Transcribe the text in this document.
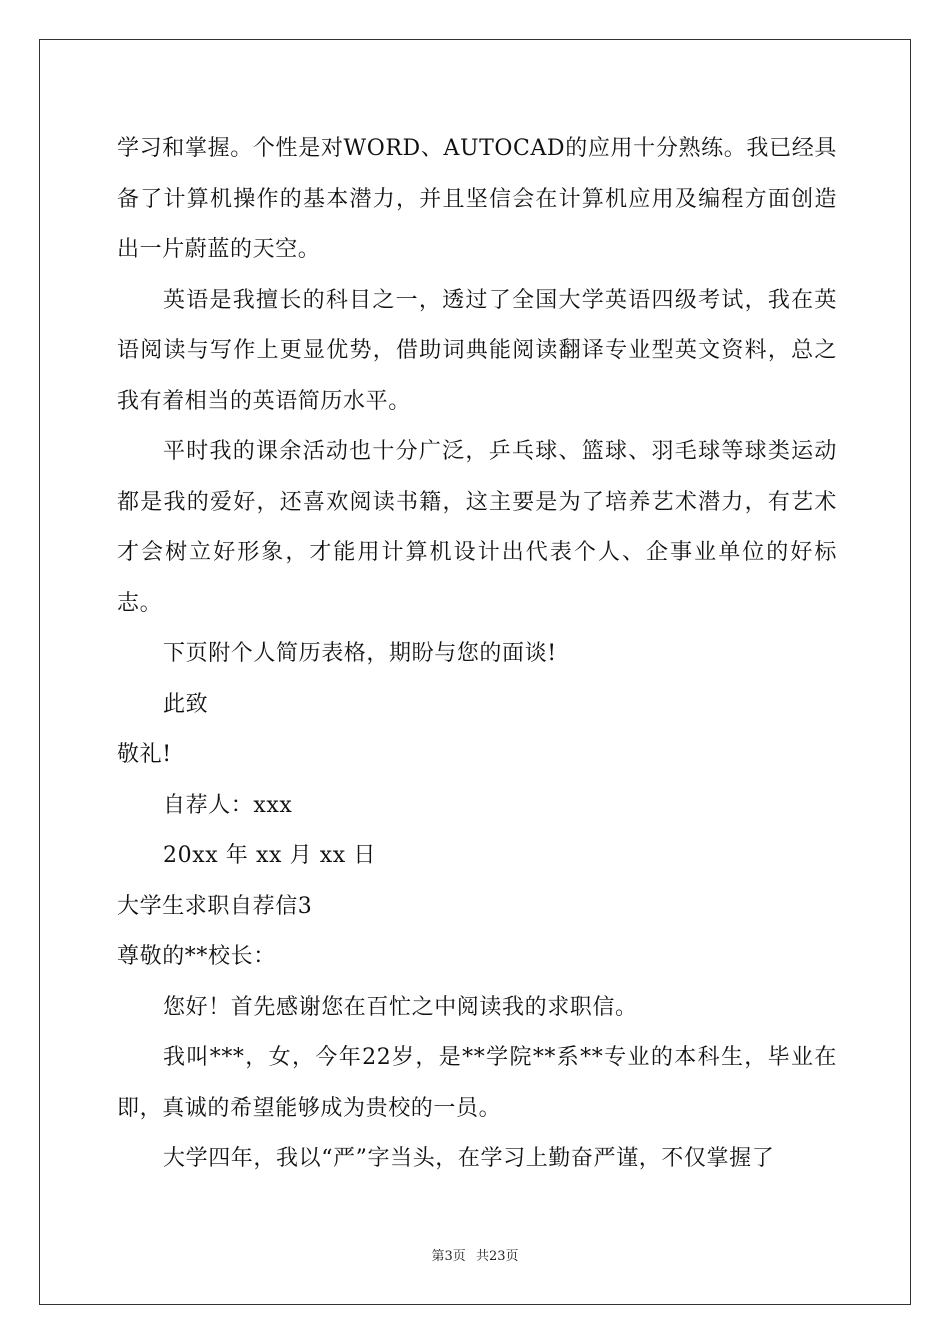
学习和掌握。个性是对WORD、AUTOCAD的应用十分熟练。我已经具备了计算机操作的基本潜力，并且坚信会在计算机应用及编程方面创造出一片蔚蓝的天空。

英语是我擅长的科目之一，透过了全国大学英语四级考试，我在英语阅读与写作上更显优势，借助词典能阅读翻译专业型英文资料，总之我有着相当的英语简历水平。

平时我的课余活动也十分广泛，乒乓球、篮球、羽毛球等球类运动都是我的爱好，还喜欢阅读书籍，这主要是为了培养艺术潜力，有艺术才会树立好形象，才能用计算机设计出代表个人、企事业单位的好标志。

下页附个人简历表格，期盼与您的面谈!

此致

敬礼!

自荐人：xxx

20xx 年 xx 月 xx 日

大学生求职自荐信3

尊敬的**校长：

您好！首先感谢您在百忙之中阅读我的求职信。

我叫***，女，今年22岁，是**学院**系**专业的本科生，毕业在即，真诚的希望能够成为贵校的一员。

大学四年，我以“严”字当头，在学习上勤奋严谨，不仅掌握了

第3页 共23页
